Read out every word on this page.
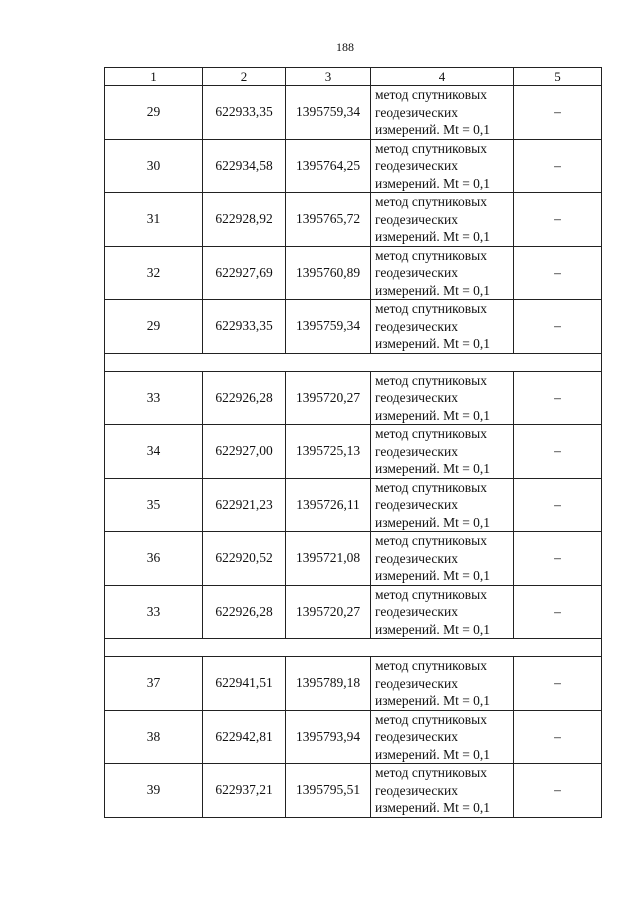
188
1	2	3	4	5
29	622933,35	1395759,34	метод спутниковых
геодезических
измерений. Mt = 0,1	–
30	622934,58	1395764,25	метод спутниковых
геодезических
измерений. Mt = 0,1	–
31	622928,92	1395765,72	метод спутниковых
геодезических
измерений. Mt = 0,1	–
32	622927,69	1395760,89	метод спутниковых
геодезических
измерений. Mt = 0,1	–
29	622933,35	1395759,34	метод спутниковых
геодезических
измерений. Mt = 0,1	–

33	622926,28	1395720,27	метод спутниковых
геодезических
измерений. Mt = 0,1	–
34	622927,00	1395725,13	метод спутниковых
геодезических
измерений. Mt = 0,1	–
35	622921,23	1395726,11	метод спутниковых
геодезических
измерений. Mt = 0,1	–
36	622920,52	1395721,08	метод спутниковых
геодезических
измерений. Mt = 0,1	–
33	622926,28	1395720,27	метод спутниковых
геодезических
измерений. Mt = 0,1	–

37	622941,51	1395789,18	метод спутниковых
геодезических
измерений. Mt = 0,1	–
38	622942,81	1395793,94	метод спутниковых
геодезических
измерений. Mt = 0,1	–
39	622937,21	1395795,51	метод спутниковых
геодезических
измерений. Mt = 0,1	–
